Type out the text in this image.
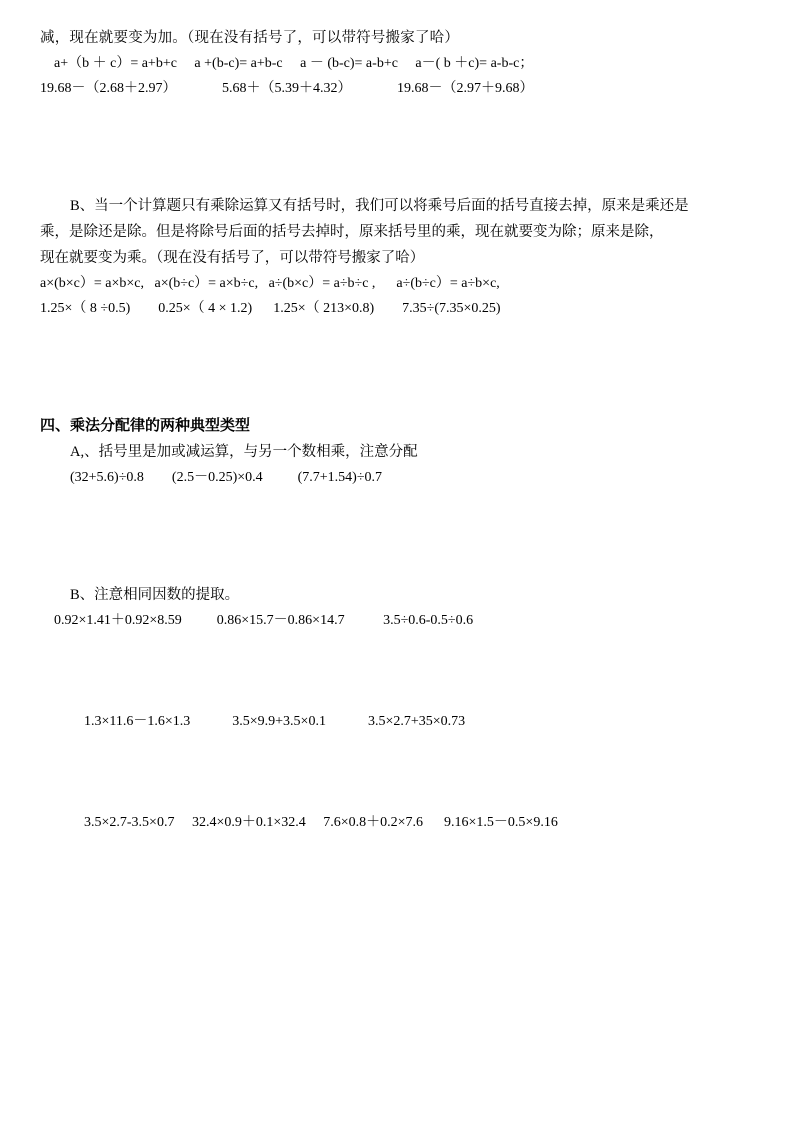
减，现在就要变为加。（现在没有括号了，可以带符号搬家了哈）
a+（b ＋ c）= a+b+c     a +(b-c)= a+b-c     a － (b-c)= a-b+c     a－( b ＋c)= a-b-c；
19.68－（2.68＋2.97）             5.68＋（5.39＋4.32）             19.68－（2.97＋9.68）
B、当一个计算题只有乘除运算又有括号时，我们可以将乘号后面的括号直接去掉，原来是乘还是
乘，是除还是除。但是将除号后面的括号去掉时，原来括号里的乘，现在就要变为除；原来是除，
现在就要变为乘。（现在没有括号了，可以带符号搬家了哈）
a×(b×c）= a×b×c,   a×(b÷c）= a×b÷c,   a÷(b×c）= a÷b÷c ,      a÷(b÷c）= a÷b×c,
1.25×（ 8 ÷0.5)        0.25×（ 4 × 1.2)      1.25×（ 213×0.8)        7.35÷(7.35×0.25)
四、乘法分配律的两种典型类型
A,、括号里是加或减运算，与另一个数相乘，注意分配
(32+5.6)÷0.8        (2.5－0.25)×0.4          (7.7+1.54)÷0.7
B、注意相同因数的提取。
0.92×1.41＋0.92×8.59          0.86×15.7－0.86×14.7           3.5÷0.6-0.5÷0.6
1.3×11.6－1.6×1.3            3.5×9.9+3.5×0.1            3.5×2.7+35×0.73
3.5×2.7-3.5×0.7     32.4×0.9＋0.1×32.4     7.6×0.8＋0.2×7.6      9.16×1.5－0.5×9.16
